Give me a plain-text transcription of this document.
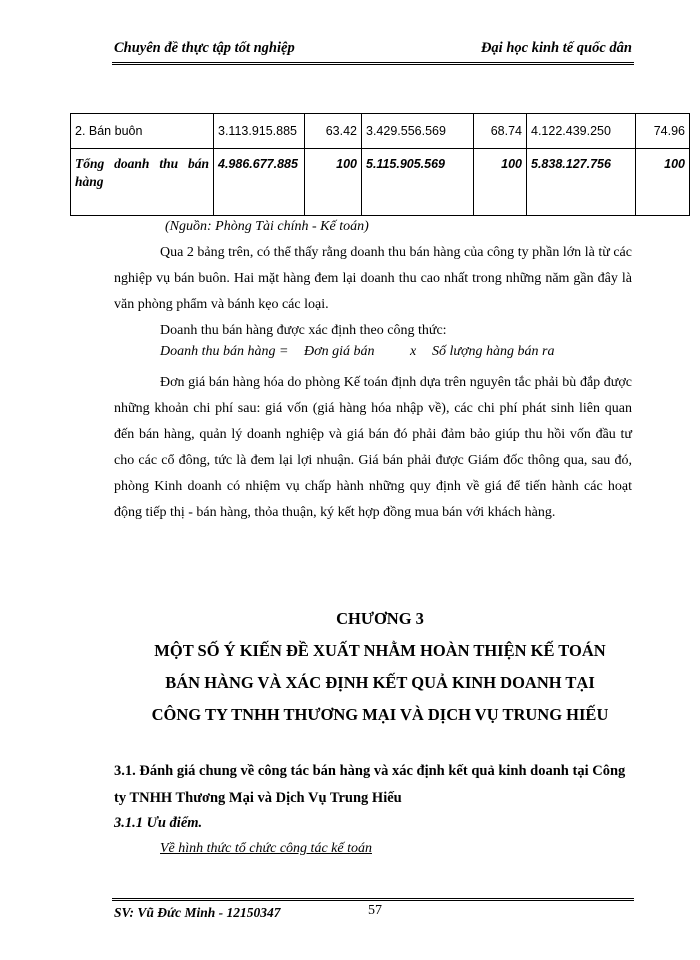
Chuyên đề thực tập tốt nghiệp	Đại học kinh tế quốc dân
2. Bán buôn	3.113.915.885	63.42	3.429.556.569	68.74	4.122.439.250	74.96
Tổng doanh thu bán hàng	4.986.677.885	100	5.115.905.569	100	5.838.127.756	100
(Nguồn: Phòng Tài chính - Kế toán)
Qua 2 bảng trên, có thể thấy rằng doanh thu bán hàng của công ty phần lớn là từ các nghiệp vụ bán buôn. Hai mặt hàng đem lại doanh thu cao nhất trong những năm gần đây là văn phòng phẩm và bánh kẹo các loại.
Doanh thu bán hàng được xác định theo công thức:
Doanh thu bán hàng = Đơn giá bán	x Số lượng hàng bán ra
Đơn giá bán hàng hóa do phòng Kế toán định dựa trên nguyên tắc phải bù đắp được những khoản chi phí sau: giá vốn (giá hàng hóa nhập về), các chi phí phát sinh liên quan đến bán hàng, quản lý doanh nghiệp và giá bán đó phải đảm bảo giúp thu hồi vốn đầu tư cho các cổ đông, tức là đem lại lợi nhuận. Giá bán phải được Giám đốc thông qua, sau đó, phòng Kinh doanh có nhiệm vụ chấp hành những quy định về giá để tiến hành các hoạt động tiếp thị - bán hàng, thỏa thuận, ký kết hợp đồng mua bán với khách hàng.
CHƯƠNG 3
MỘT SỐ Ý KIẾN ĐỀ XUẤT NHẰM HOÀN THIỆN KẾ TOÁN
BÁN HÀNG VÀ XÁC ĐỊNH KẾT QUẢ KINH DOANH TẠI
CÔNG TY TNHH THƯƠNG MẠI VÀ DỊCH VỤ TRUNG HIẾU
3.1. Đánh giá chung về công tác bán hàng và xác định kết quả kinh doanh tại Công ty TNHH Thương Mại và Dịch Vụ Trung Hiếu
3.1.1 Ưu điểm.
Về hình thức tổ chức công tác kế toán
SV: Vũ Đức Minh - 12150347	57
